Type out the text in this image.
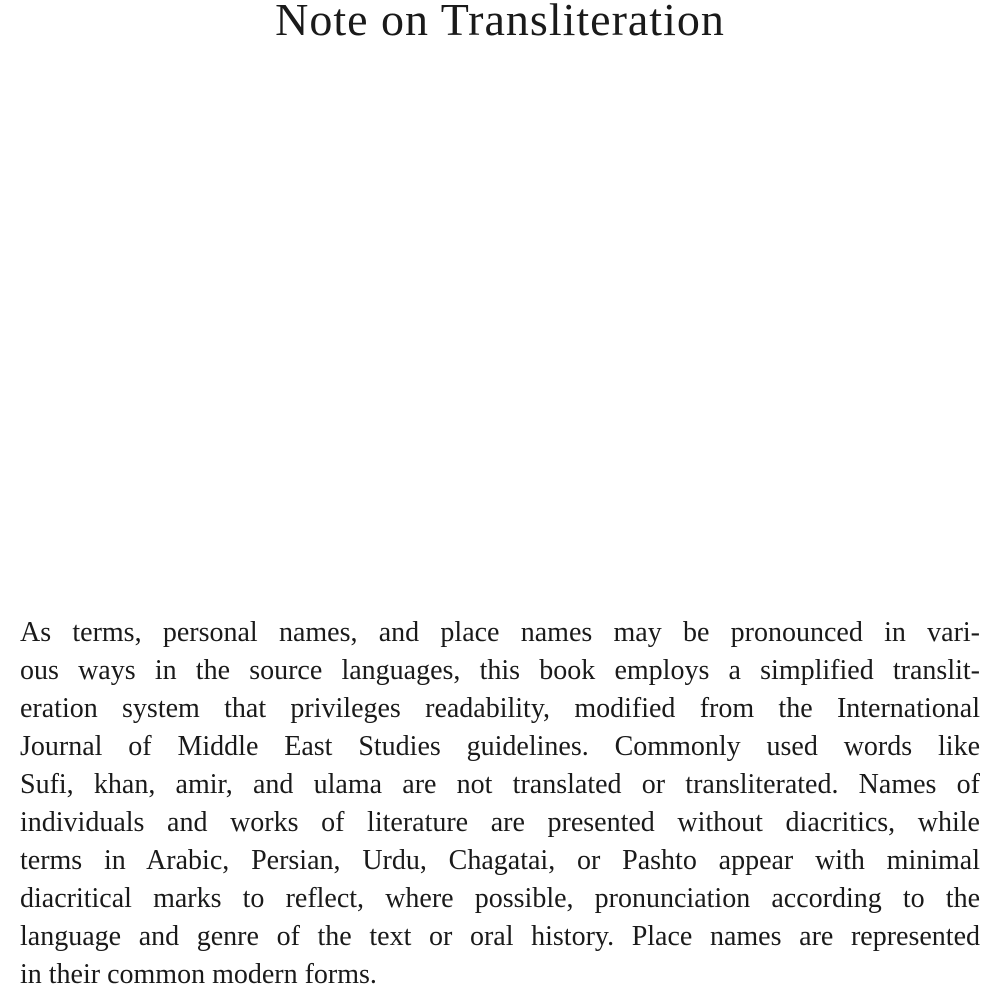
Note on Transliteration
As terms, personal names, and place names may be pronounced in vari-
ous ways in the source languages, this book employs a simplified translit-
eration system that privileges readability, modified from the International
Journal of Middle East Studies guidelines. Commonly used words like
Sufi, khan, amir, and ulama are not translated or transliterated. Names of
individuals and works of literature are presented without diacritics, while
terms in Arabic, Persian, Urdu, Chagatai, or Pashto appear with minimal
diacritical marks to reflect, where possible, pronunciation according to the
language and genre of the text or oral history. Place names are represented
in their common modern forms.
